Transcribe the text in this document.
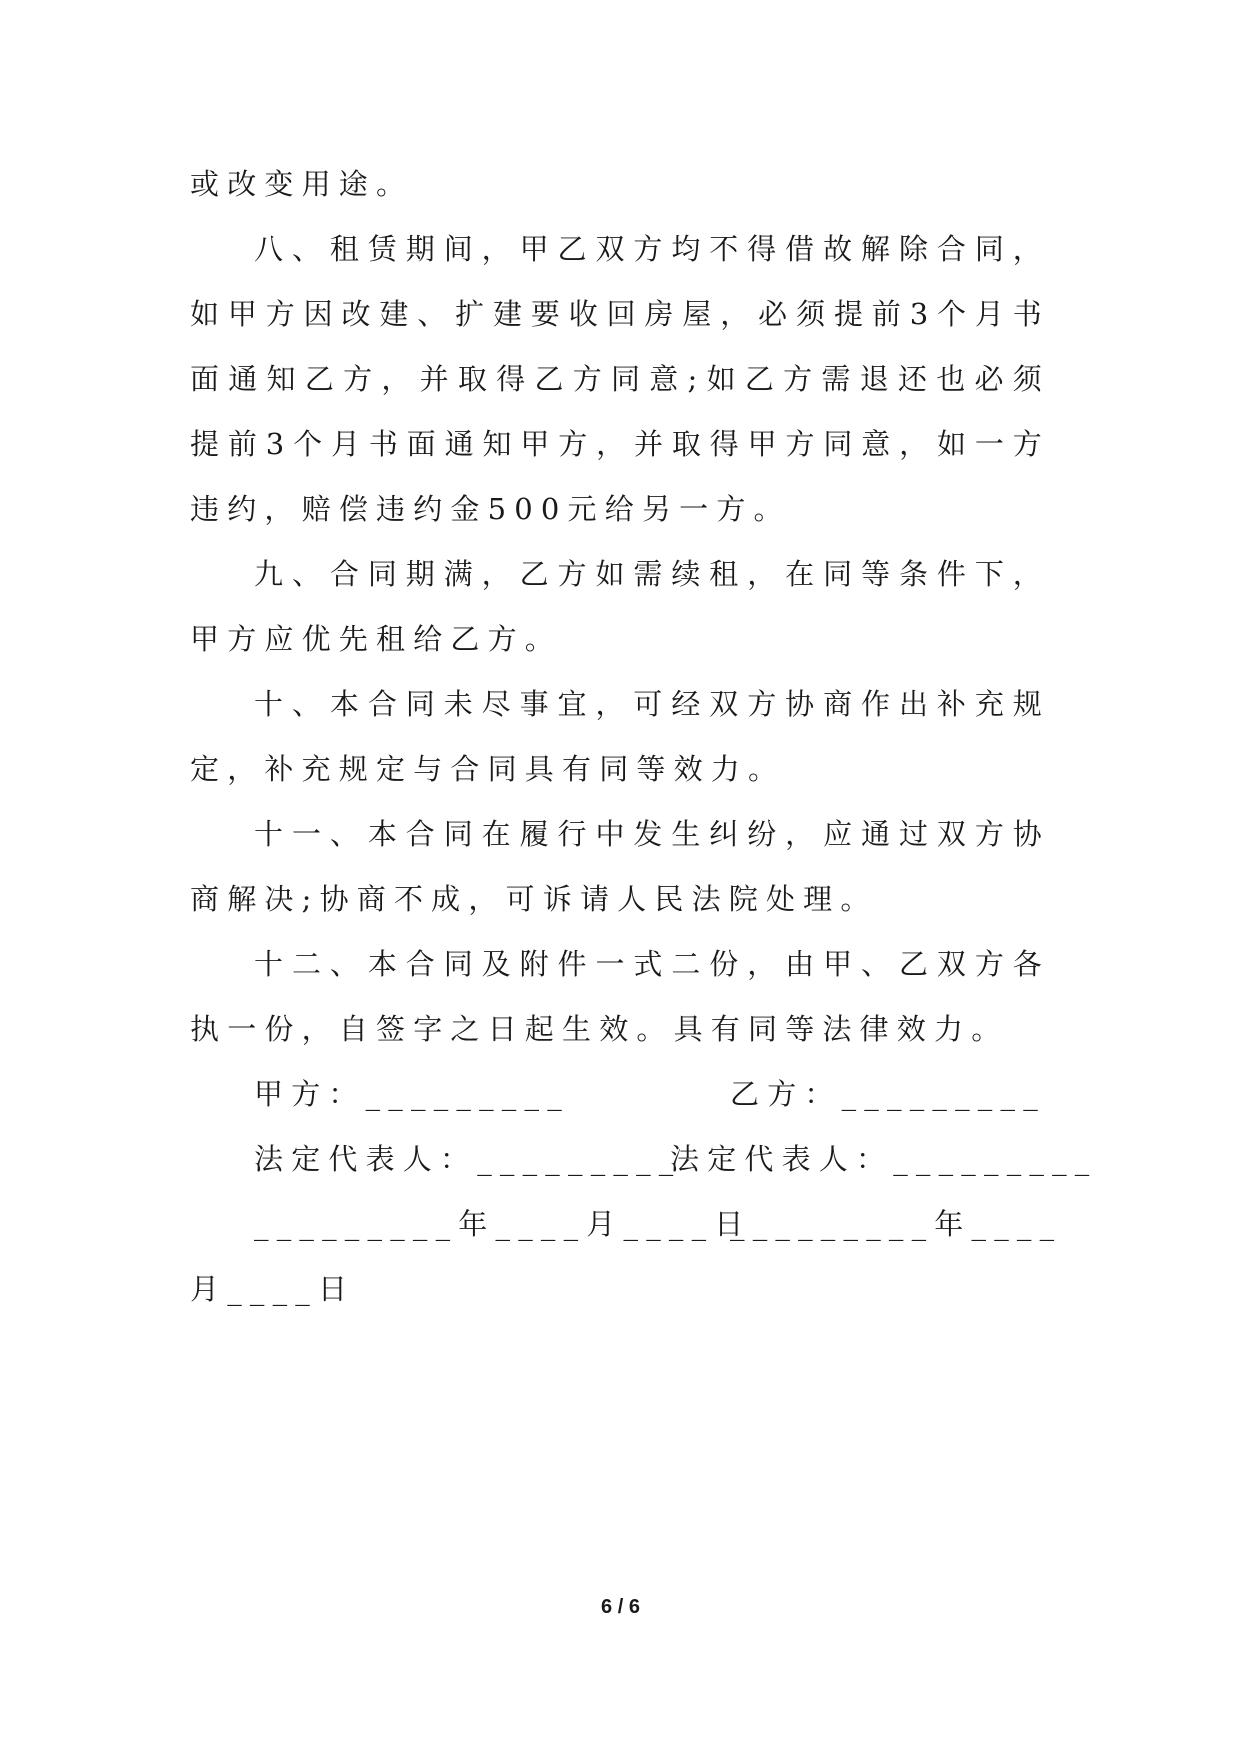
或改变用途。

八、租赁期间，甲乙双方均不得借故解除合同，如甲方因改建、扩建要收回房屋，必须提前3个月书面通知乙方，并取得乙方同意;如乙方需退还也必须提前3个月书面通知甲方，并取得甲方同意，如一方违约，赔偿违约金500元给另一方。

九、合同期满，乙方如需续租，在同等条件下，甲方应优先租给乙方。

十、本合同未尽事宜，可经双方协商作出补充规定，补充规定与合同具有同等效力。

十一、本合同在履行中发生纠纷，应通过双方协商解决;协商不成，可诉请人民法院处理。

十二、本合同及附件一式二份，由甲、乙双方各执一份，自签字之日起生效。具有同等法律效力。

甲方：_________	乙方：_________
法定代表人：_________
法定代表人：_________
_________年____月____日
_________年____
月____日
6 / 6
